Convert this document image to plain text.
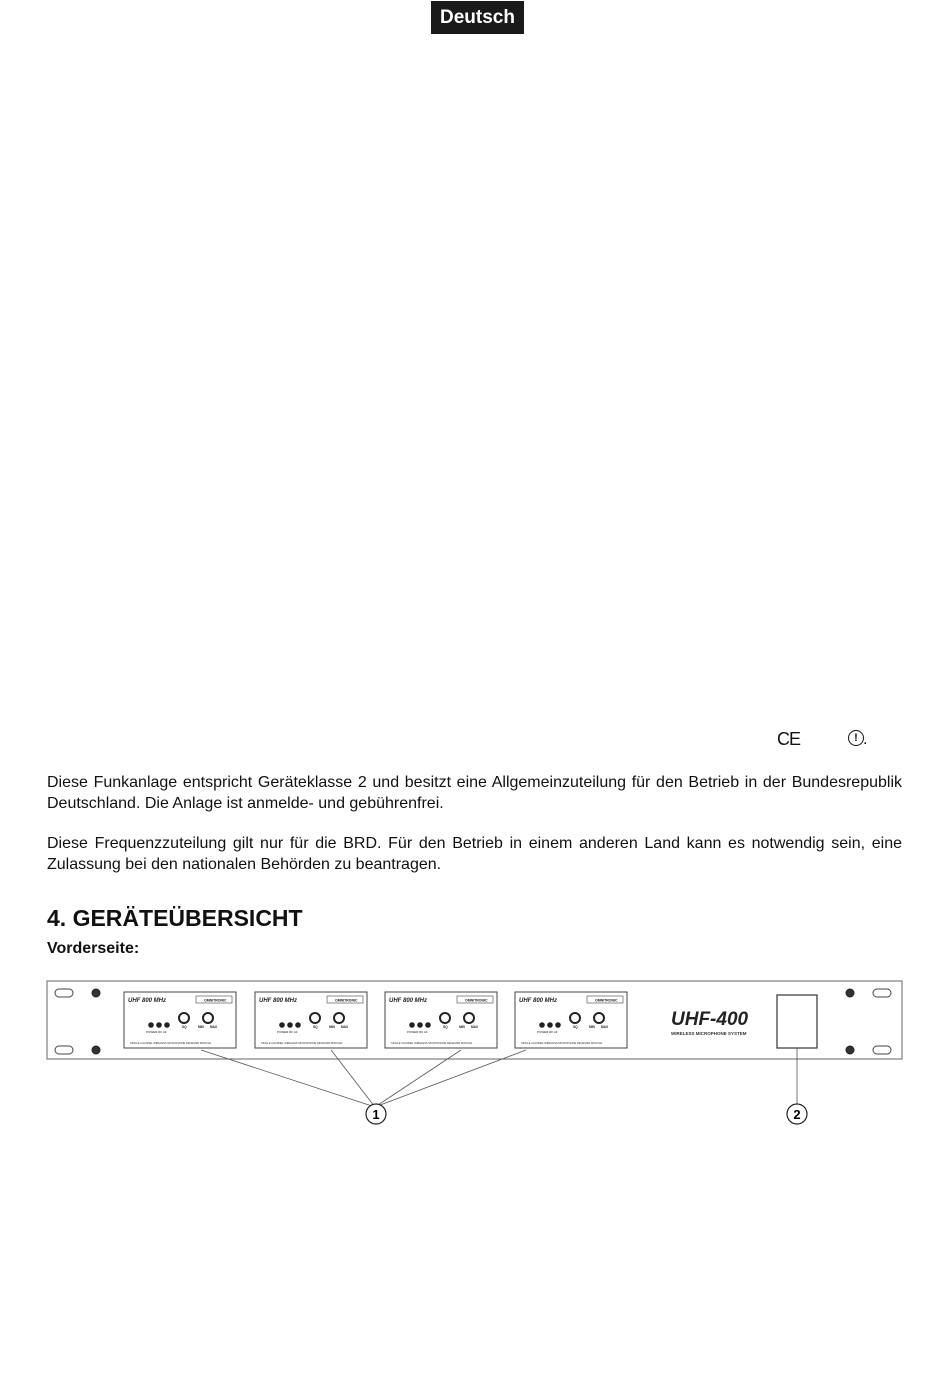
Deutsch
CE	! .

Diese Funkanlage entspricht Geräteklasse 2 und besitzt eine Allgemeinzuteilung für den Betrieb in der Bundesrepublik Deutschland. Die Anlage ist anmelde- und gebührenfrei.

Diese Frequenzzuteilung gilt nur für die BRD. Für den Betrieb in einem anderen Land kann es notwendig sein, eine Zulassung bei den nationalen Behörden zu beantragen.

4. GERÄTEÜBERSICHT
Vorderseite:
UHF 800 MHz	OMNITRONIC
POWER RF AF
SQ	MIN MAX
SINGLE CHANNEL WIRELESS MICROPHONE RECEIVER MODULE
UHF 800 MHz	OMNITRONIC
POWER RF AF
SQ	MIN MAX
SINGLE CHANNEL WIRELESS MICROPHONE RECEIVER MODULE
UHF 800 MHz	OMNITRONIC
POWER RF AF
SQ	MIN MAX
SINGLE CHANNEL WIRELESS MICROPHONE RECEIVER MODULE
UHF 800 MHz	OMNITRONIC
POWER RF AF
SQ	MIN MAX
SINGLE CHANNEL WIRELESS MICROPHONE RECEIVER MODULE
UHF-400
WIRELESS MICROPHONE SYSTEM
1	2
